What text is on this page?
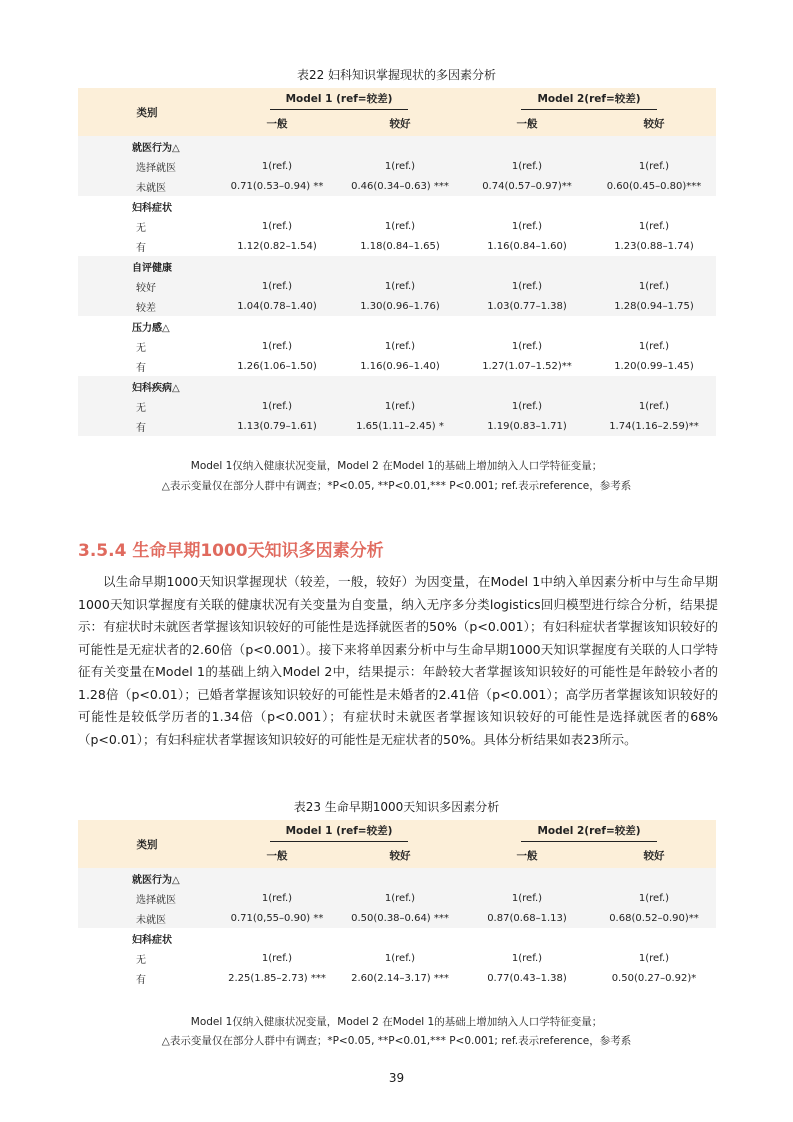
表22 妇科知识掌握现状的多因素分析
类别	Model 1 (ref=较差)		Model 2(ref=较差)	
	一般	较好	一般	较好
就医行为△				
选择就医	1(ref.)	1(ref.)	1(ref.)	1(ref.)
未就医	0.71(0.53–0.94) **	0.46(0.34–0.63) ***	0.74(0.57–0.97)**	0.60(0.45–0.80)***
妇科症状				
无	1(ref.)	1(ref.)	1(ref.)	1(ref.)
有	1.12(0.82–1.54)	1.18(0.84–1.65)	1.16(0.84–1.60)	1.23(0.88–1.74)
自评健康				
较好	1(ref.)	1(ref.)	1(ref.)	1(ref.)
较差	1.04(0.78–1.40)	1.30(0.96–1.76)	1.03(0.77–1.38)	1.28(0.94–1.75)
压力感△				
无	1(ref.)	1(ref.)	1(ref.)	1(ref.)
有	1.26(1.06–1.50)	1.16(0.96–1.40)	1.27(1.07–1.52)**	1.20(0.99–1.45)
妇科疾病△				
无	1(ref.)	1(ref.)	1(ref.)	1(ref.)
有	1.13(0.79–1.61)	1.65(1.11–2.45) *	1.19(0.83–1.71)	1.74(1.16–2.59)**
Model 1仅纳入健康状况变量，Model 2 在Model 1的基础上增加纳入人口学特征变量；
△表示变量仅在部分人群中有调查；*P<0.05, **P<0.01,*** P<0.001; ref.表示reference，参考系
3.5.4 生命早期1000天知识多因素分析

以生命早期1000天知识掌握现状（较差，一般，较好）为因变量，在Model 1中纳入单因素分析中与生命早期1000天知识掌握度有关联的健康状况有关变量为自变量，纳入无序多分类logistics回归模型进行综合分析，结果提示：有症状时未就医者掌握该知识较好的可能性是选择就医者的50%（p<0.001）；有妇科症状者掌握该知识较好的可能性是无症状者的2.60倍（p<0.001）。接下来将单因素分析中与生命早期1000天知识掌握度有关联的人口学特征有关变量在Model 1的基础上纳入Model 2中，结果提示：年龄较大者掌握该知识较好的可能性是年龄较小者的1.28倍（p<0.01）；已婚者掌握该知识较好的可能性是未婚者的2.41倍（p<0.001）；高学历者掌握该知识较好的可能性是较低学历者的1.34倍（p<0.001）；有症状时未就医者掌握该知识较好的可能性是选择就医者的68%（p<0.01）；有妇科症状者掌握该知识较好的可能性是无症状者的50%。具体分析结果如表23所示。

表23 生命早期1000天知识多因素分析
类别	Model 1 (ref=较差)		Model 2(ref=较差)	
	一般	较好	一般	较好
就医行为△				
选择就医	1(ref.)	1(ref.)	1(ref.)	1(ref.)
未就医	0.71(0,55–0.90) **	0.50(0.38–0.64) ***	0.87(0.68–1.13)	0.68(0.52–0.90)**
妇科症状				
无	1(ref.)	1(ref.)	1(ref.)	1(ref.)
有	2.25(1.85–2.73) ***	2.60(2.14–3.17) ***	0.77(0.43–1.38)	0.50(0.27–0.92)*
Model 1仅纳入健康状况变量，Model 2 在Model 1的基础上增加纳入人口学特征变量；
△表示变量仅在部分人群中有调查；*P<0.05, **P<0.01,*** P<0.001; ref.表示reference，参考系
39
